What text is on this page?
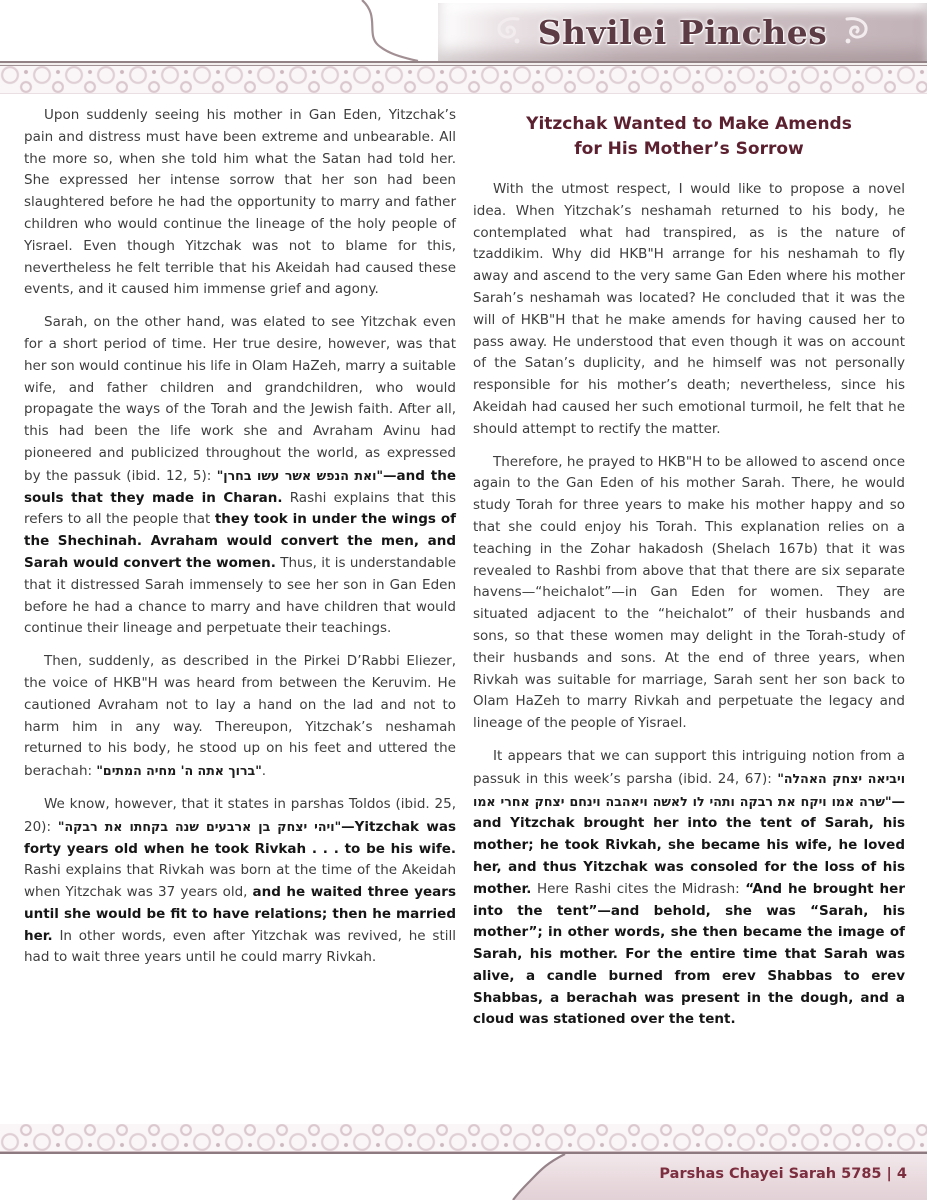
Shvilei Pinches

Upon suddenly seeing his mother in Gan Eden, Yitzchak’s pain and distress must have been extreme and unbearable. All the more so, when she told him what the Satan had told her. She expressed her intense sorrow that her son had been slaughtered before he had the opportunity to marry and father children who would continue the lineage of the holy people of Yisrael. Even though Yitzchak was not to blame for this, nevertheless he felt terrible that his Akeidah had caused these events, and it caused him immense grief and agony.

Sarah, on the other hand, was elated to see Yitzchak even for a short period of time. Her true desire, however, was that her son would continue his life in Olam HaZeh, marry a suitable wife, and father children and grandchildren, who would propagate the ways of the Torah and the Jewish faith. After all, this had been the life work she and Avraham Avinu had pioneered and publicized throughout the world, as expressed by the passuk (ibid. 12, 5): "ואת הנפש אשר עשו בחרן"—and the souls that they made in Charan. Rashi explains that this refers to all the people that they took in under the wings of the Shechinah. Avraham would convert the men, and Sarah would convert the women. Thus, it is understandable that it distressed Sarah immensely to see her son in Gan Eden before he had a chance to marry and have children that would continue their lineage and perpetuate their teachings.

Then, suddenly, as described in the Pirkei D’Rabbi Eliezer, the voice of HKB"H was heard from between the Keruvim. He cautioned Avraham not to lay a hand on the lad and not to harm him in any way. Thereupon, Yitzchak’s neshamah returned to his body, he stood up on his feet and uttered the berachah: "ברוך אתה ה' מחיה המתים".

We know, however, that it states in parshas Toldos (ibid. 25, 20): "ויהי יצחק בן ארבעים שנה בקחתו את רבקה"—Yitzchak was forty years old when he took Rivkah . . . to be his wife. Rashi explains that Rivkah was born at the time of the Akeidah when Yitzchak was 37 years old, and he waited three years until she would be fit to have relations; then he married her. In other words, even after Yitzchak was revived, he still had to wait three years until he could marry Rivkah.

Yitzchak Wanted to Make Amends
for His Mother’s Sorrow

With the utmost respect, I would like to propose a novel idea. When Yitzchak’s neshamah returned to his body, he contemplated what had transpired, as is the nature of tzaddikim. Why did HKB"H arrange for his neshamah to fly away and ascend to the very same Gan Eden where his mother Sarah’s neshamah was located? He concluded that it was the will of HKB"H that he make amends for having caused her to pass away. He understood that even though it was on account of the Satan’s duplicity, and he himself was not personally responsible for his mother’s death; nevertheless, since his Akeidah had caused her such emotional turmoil, he felt that he should attempt to rectify the matter.

Therefore, he prayed to HKB"H to be allowed to ascend once again to the Gan Eden of his mother Sarah. There, he would study Torah for three years to make his mother happy and so that she could enjoy his Torah. This explanation relies on a teaching in the Zohar hakadosh (Shelach 167b) that it was revealed to Rashbi from above that that there are six separate havens—“heichalot”—in Gan Eden for women. They are situated adjacent to the “heichalot” of their husbands and sons, so that these women may delight in the Torah-study of their husbands and sons. At the end of three years, when Rivkah was suitable for marriage, Sarah sent her son back to Olam HaZeh to marry Rivkah and perpetuate the legacy and lineage of the people of Yisrael.

It appears that we can support this intriguing notion from a passuk in this week’s parsha (ibid. 24, 67): "ויביאה יצחק האהלה שרה אמו ויקח את רבקה ותהי לו לאשה ויאהבה וינחם יצחק אחרי אמו"—and Yitzchak brought her into the tent of Sarah, his mother; he took Rivkah, she became his wife, he loved her, and thus Yitzchak was consoled for the loss of his mother. Here Rashi cites the Midrash: “And he brought her into the tent”—and behold, she was “Sarah, his mother”; in other words, she then became the image of Sarah, his mother. For the entire time that Sarah was alive, a candle burned from erev Shabbas to erev Shabbas, a berachah was present in the dough, and a cloud was stationed over the tent.

Parshas Chayei Sarah 5785 | 4
